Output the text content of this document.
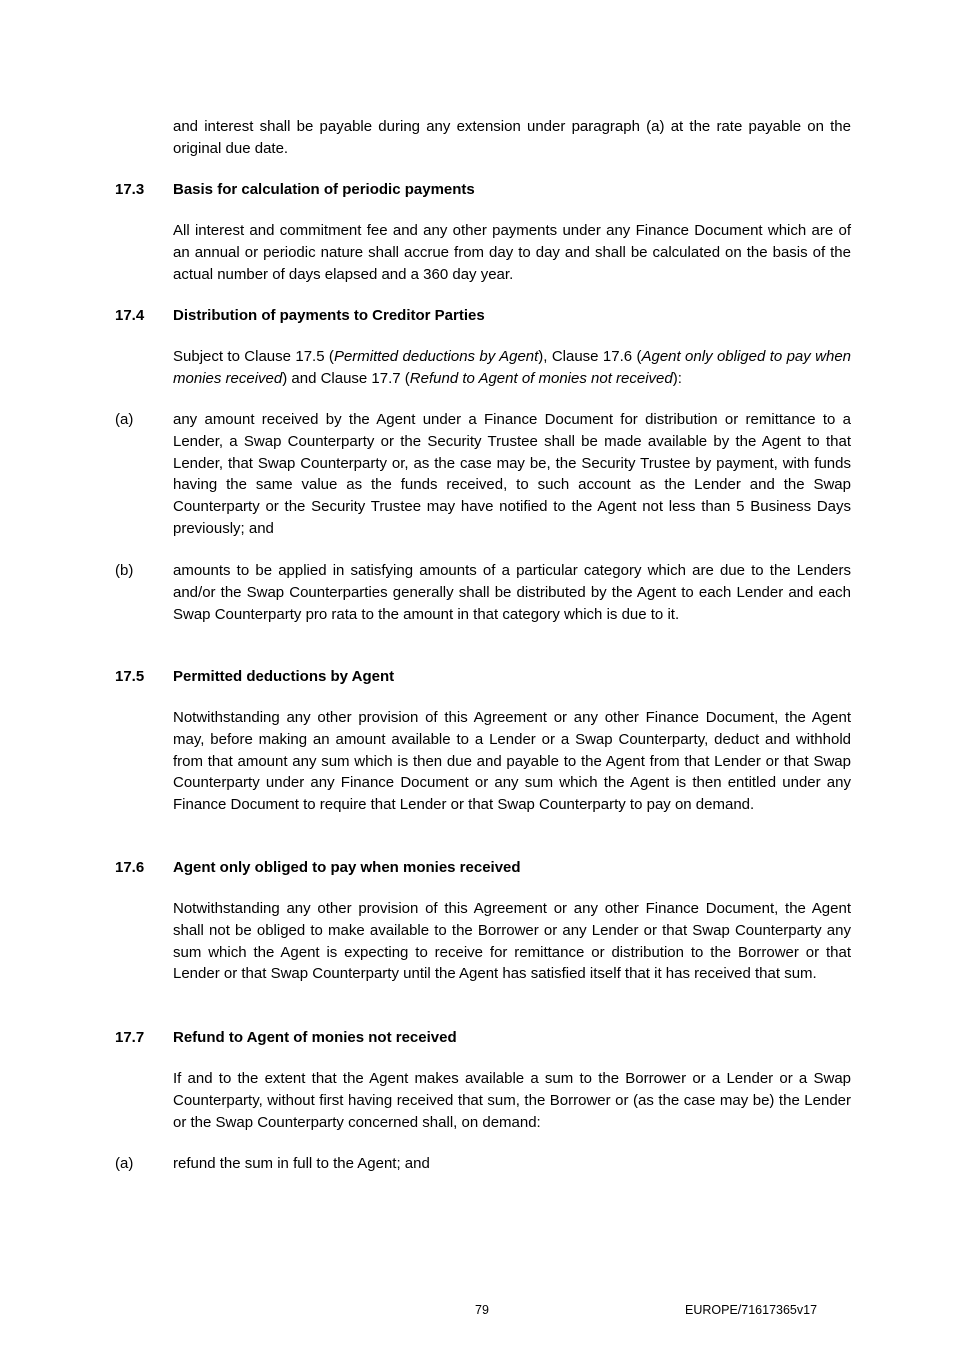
and interest shall be payable during any extension under paragraph (a) at the rate payable on the original due date.

17.3 Basis for calculation of periodic payments

All interest and commitment fee and any other payments under any Finance Document which are of an annual or periodic nature shall accrue from day to day and shall be calculated on the basis of the actual number of days elapsed and a 360 day year.

17.4 Distribution of payments to Creditor Parties

Subject to Clause 17.5 (Permitted deductions by Agent), Clause 17.6 (Agent only obliged to pay when monies received) and Clause 17.7 (Refund to Agent of monies not received):

(a)	any amount received by the Agent under a Finance Document for distribution or remittance to a Lender, a Swap Counterparty or the Security Trustee shall be made available by the Agent to that Lender, that Swap Counterparty or, as the case may be, the Security Trustee by payment, with funds having the same value as the funds received, to such account as the Lender and the Swap Counterparty or the Security Trustee may have notified to the Agent not less than 5 Business Days previously; and

(b)	amounts to be applied in satisfying amounts of a particular category which are due to the Lenders and/or the Swap Counterparties generally shall be distributed by the Agent to each Lender and each Swap Counterparty pro rata to the amount in that category which is due to it.

17.5 Permitted deductions by Agent

Notwithstanding any other provision of this Agreement or any other Finance Document, the Agent may, before making an amount available to a Lender or a Swap Counterparty, deduct and withhold from that amount any sum which is then due and payable to the Agent from that Lender or that Swap Counterparty under any Finance Document or any sum which the Agent is then entitled under any Finance Document to require that Lender or that Swap Counterparty to pay on demand.

17.6 Agent only obliged to pay when monies received

Notwithstanding any other provision of this Agreement or any other Finance Document, the Agent shall not be obliged to make available to the Borrower or any Lender or that Swap Counterparty any sum which the Agent is expecting to receive for remittance or distribution to the Borrower or that Lender or that Swap Counterparty until the Agent has satisfied itself that it has received that sum.

17.7 Refund to Agent of monies not received

If and to the extent that the Agent makes available a sum to the Borrower or a Lender or a Swap Counterparty, without first having received that sum, the Borrower or (as the case may be) the Lender or the Swap Counterparty concerned shall, on demand:

(a)	refund the sum in full to the Agent; and

79	EUROPE/71617365v17
